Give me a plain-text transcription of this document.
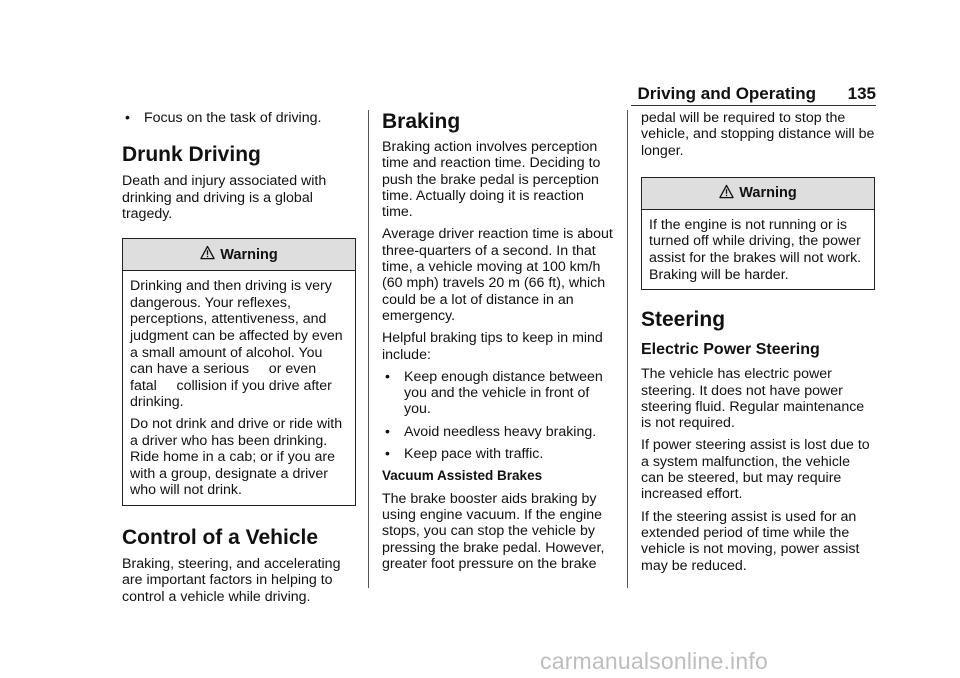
Driving and Operating 135
• Focus on the task of driving.
Drunk Driving

Death and injury associated with drinking and driving is a global tragedy.

Warning

Drinking and then driving is very
dangerous. Your reflexes,
perceptions, attentiveness, and
judgment can be affected by even
a small amount of alcohol. You
can have a serious     or even
fatal     collision if you drive after
drinking.

Do not drink and drive or ride with
a driver who has been drinking.
Ride home in a cab; or if you are
with a group, designate a driver
who will not drink.

Control of a Vehicle

Braking, steering, and accelerating are important factors in helping to control a vehicle while driving.

Braking

Braking action involves perception time and reaction time. Deciding to push the brake pedal is perception time. Actually doing it is reaction time.

Average driver reaction time is about three-quarters of a second. In that time, a vehicle moving at 100 km/h (60 mph) travels 20 m (66 ft), which could be a lot of distance in an emergency.

Helpful braking tips to keep in mind include:

• Keep enough distance between you and the vehicle in front of you.
• Avoid needless heavy braking.
• Keep pace with traffic.
Vacuum Assisted Brakes

The brake booster aids braking by using engine vacuum. If the engine stops, you can stop the vehicle by pressing the brake pedal. However, greater foot pressure on the brake

pedal will be required to stop the vehicle, and stopping distance will be longer.

Warning

If the engine is not running or is turned off while driving, the power assist for the brakes will not work. Braking will be harder.

Steering
Electric Power Steering

The vehicle has electric power steering. It does not have power steering fluid. Regular maintenance is not required.

If power steering assist is lost due to a system malfunction, the vehicle can be steered, but may require increased effort.

If the steering assist is used for an extended period of time while the vehicle is not moving, power assist may be reduced.

carmanualsonline.info
